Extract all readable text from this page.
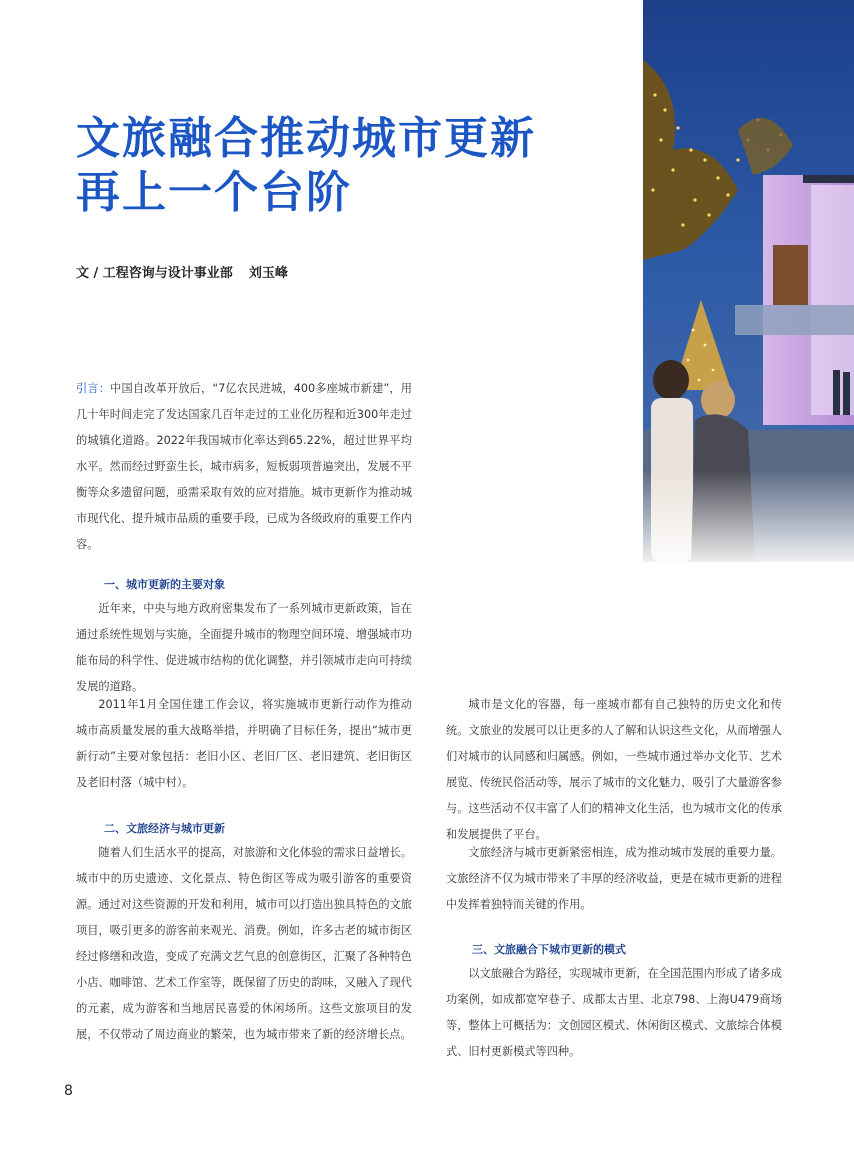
文旅融合推动城市更新
再上一个台阶
文 / 工程咨询与设计事业部 刘玉峰

引言：中国自改革开放后，“7亿农民进城，400多座城市新建”，用几十年时间走完了发达国家几百年走过的工业化历程和近300年走过的城镇化道路。2022年我国城市化率达到65.22%，超过世界平均水平。然而经过野蛮生长，城市病多，短板弱项普遍突出，发展不平衡等众多遗留问题，亟需采取有效的应对措施。城市更新作为推动城市现代化、提升城市品质的重要手段，已成为各级政府的重要工作内容。

一、城市更新的主要对象

近年来，中央与地方政府密集发布了一系列城市更新政策，旨在通过系统性规划与实施，全面提升城市的物理空间环境、增强城市功能布局的科学性、促进城市结构的优化调整，并引领城市走向可持续发展的道路。

2011年1月全国住建工作会议，将实施城市更新行动作为推动城市高质量发展的重大战略举措，并明确了目标任务，提出“城市更新行动”主要对象包括：老旧小区、老旧厂区、老旧建筑、老旧街区及老旧村落（城中村）。

二、文旅经济与城市更新

随着人们生活水平的提高，对旅游和文化体验的需求日益增长。城市中的历史遗迹、文化景点、特色街区等成为吸引游客的重要资源。通过对这些资源的开发和利用，城市可以打造出独具特色的文旅项目，吸引更多的游客前来观光、消费。例如，许多古老的城市街区经过修缮和改造，变成了充满文艺气息的创意街区，汇聚了各种特色小店、咖啡馆、艺术工作室等，既保留了历史的韵味，又融入了现代的元素，成为游客和当地居民喜爱的休闲场所。这些文旅项目的发展，不仅带动了周边商业的繁荣，也为城市带来了新的经济增长点。

城市是文化的容器，每一座城市都有自己独特的历史文化和传统。文旅业的发展可以让更多的人了解和认识这些文化，从而增强人们对城市的认同感和归属感。例如，一些城市通过举办文化节、艺术展览、传统民俗活动等，展示了城市的文化魅力，吸引了大量游客参与。这些活动不仅丰富了人们的精神文化生活，也为城市文化的传承和发展提供了平台。

文旅经济与城市更新紧密相连，成为推动城市发展的重要力量。文旅经济不仅为城市带来了丰厚的经济收益，更是在城市更新的进程中发挥着独特而关键的作用。

三、文旅融合下城市更新的模式

以文旅融合为路径，实现城市更新，在全国范围内形成了诸多成功案例，如成都宽窄巷子、成都太古里、北京798、上海U479商场等，整体上可概括为：文创园区模式、休闲街区模式、文旅综合体模式、旧村更新模式等四种。

8
